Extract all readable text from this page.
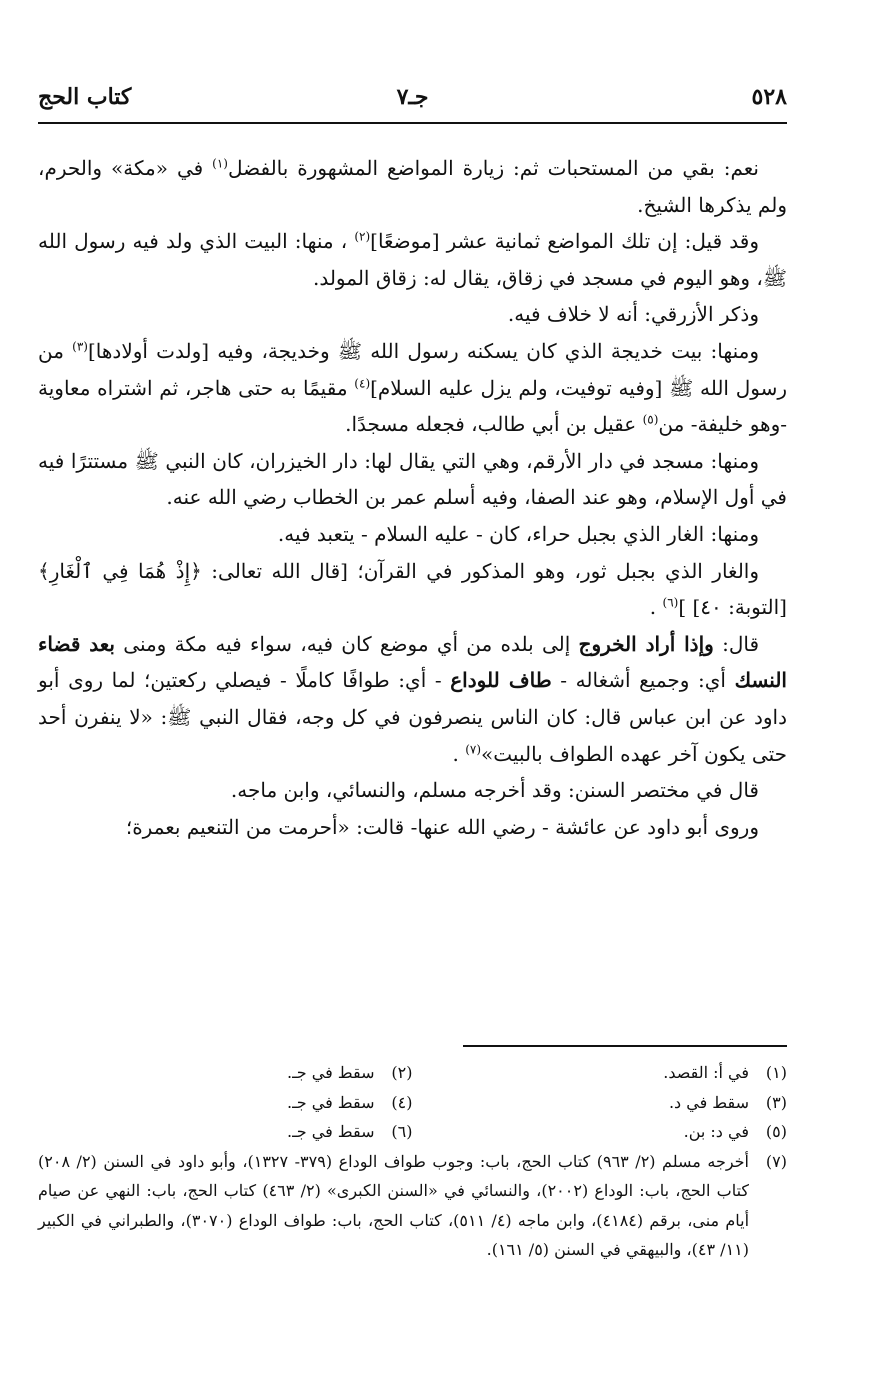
٥٢٨
جـ٧
كتاب الحج

نعم: بقي من المستحبات ثم: زيارة المواضع المشهورة بالفضل$^{(١)}$ في «مكة» والحرم، ولم يذكرها الشيخ.

وقد قيل: إن تلك المواضع ثمانية عشر [موضعًا]$^{(٢)}$ ، منها: البيت الذي ولد فيه رسول الله ﷺ، وهو اليوم في مسجد في زقاق، يقال له: زقاق المولد.

وذكر الأزرقي: أنه لا خلاف فيه.

ومنها: بيت خديجة الذي كان يسكنه رسول الله ﷺ وخديجة، وفيه [ولدت أولادها]$^{(٣)}$ من رسول الله ﷺ [وفيه توفيت، ولم يزل عليه السلام]$^{(٤)}$ مقيمًا به حتى هاجر، ثم اشتراه معاوية -وهو خليفة- من$^{(٥)}$ عقيل بن أبي طالب، فجعله مسجدًا.

ومنها: مسجد في دار الأرقم، وهي التي يقال لها: دار الخيزران، كان النبي ﷺ مستترًا فيه في أول الإسلام، وهو عند الصفا، وفيه أسلم عمر بن الخطاب رضي الله عنه.

ومنها: الغار الذي بجبل حراء، كان - عليه السلام - يتعبد فيه.

والغار الذي بجبل ثور، وهو المذكور في القرآن؛ [قال الله تعالى: ﴿إِذْ هُمَا فِي ٱلْغَارِ﴾ [التوبة: ٤٠] ]$^{(٦)}$ .

قال: وإذا أراد الخروج إلى بلده من أي موضع كان فيه، سواء فيه مكة ومنى بعد قضاء النسك أي: وجميع أشغاله - طاف للوداع - أي: طوافًا كاملًا - فيصلي ركعتين؛ لما روى أبو داود عن ابن عباس قال: كان الناس ينصرفون في كل وجه، فقال النبي ﷺ: «لا ينفرن أحد حتى يكون آخر عهده الطواف بالبيت»$^{(٧)}$ .

قال في مختصر السنن: وقد أخرجه مسلم، والنسائي، وابن ماجه.

وروى أبو داود عن عائشة - رضي الله عنها- قالت: «أحرمت من التنعيم بعمرة؛

(١)
في أ: القصد.
(٢)
سقط في جـ.
(٣)
سقط في د.
(٤)
سقط في جـ.
(٥)
في د: بن.
(٦)
سقط في جـ.
(٧)
أخرجه مسلم (٢/ ٩٦٣) كتاب الحج، باب: وجوب طواف الوداع (٣٧٩- ١٣٢٧)، وأبو داود في السنن (٢/ ٢٠٨) كتاب الحج، باب: الوداع (٢٠٠٢)، والنسائي في «السنن الكبرى» (٢/ ٤٦٣) كتاب الحج، باب: النهي عن صيام أيام منى، برقم (٤١٨٤)، وابن ماجه (٤/ ٥١١)، كتاب الحج، باب: طواف الوداع (٣٠٧٠)، والطبراني في الكبير (١١/ ٤٣)، والبيهقي في السنن (٥/ ١٦١).
